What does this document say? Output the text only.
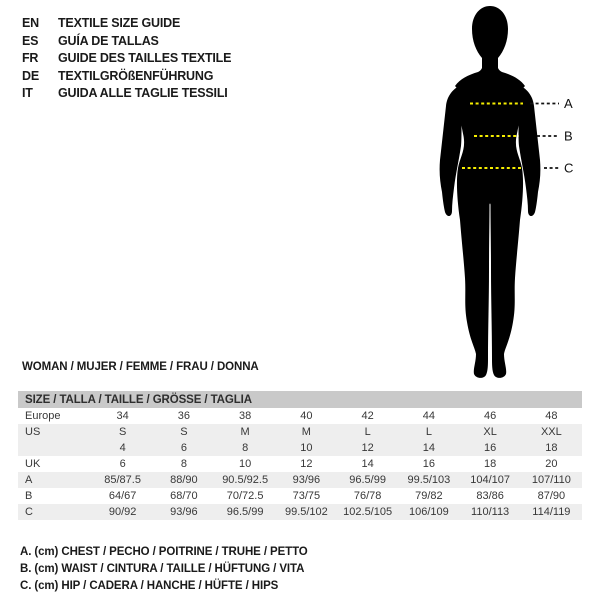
EN TEXTILE SIZE GUIDE
ES GUÍA DE TALLAS
FR GUIDE DES TAILLES TEXTILE
DE TEXTILGRÖßENFÜHRUNG
IT GUIDA ALLE TAGLIE TESSILI
A
B
C
WOMAN / MUJER / FEMME / FRAU / DONNA
SIZE / TALLA / TAILLE / GRÖSSE / TAGLIA								
Europe	34	36	38	40	42	44	46	48
US	S	S	M	M	L	L	XL	XXL
	4	6	8	10	12	14	16	18
UK	6	8	10	12	14	16	18	20
A	85/87.5	88/90	90.5/92.5	93/96	96.5/99	99.5/103	104/107	107/110
B	64/67	68/70	70/72.5	73/75	76/78	79/82	83/86	87/90
C	90/92	93/96	96.5/99	99.5/102	102.5/105	106/109	110/113	114/119
A. (cm) CHEST / PECHO / POITRINE / TRUHE / PETTO
B. (cm) WAIST / CINTURA / TAILLE / HÜFTUNG / VITA
C. (cm) HIP / CADERA / HANCHE / HÜFTE / HIPS
